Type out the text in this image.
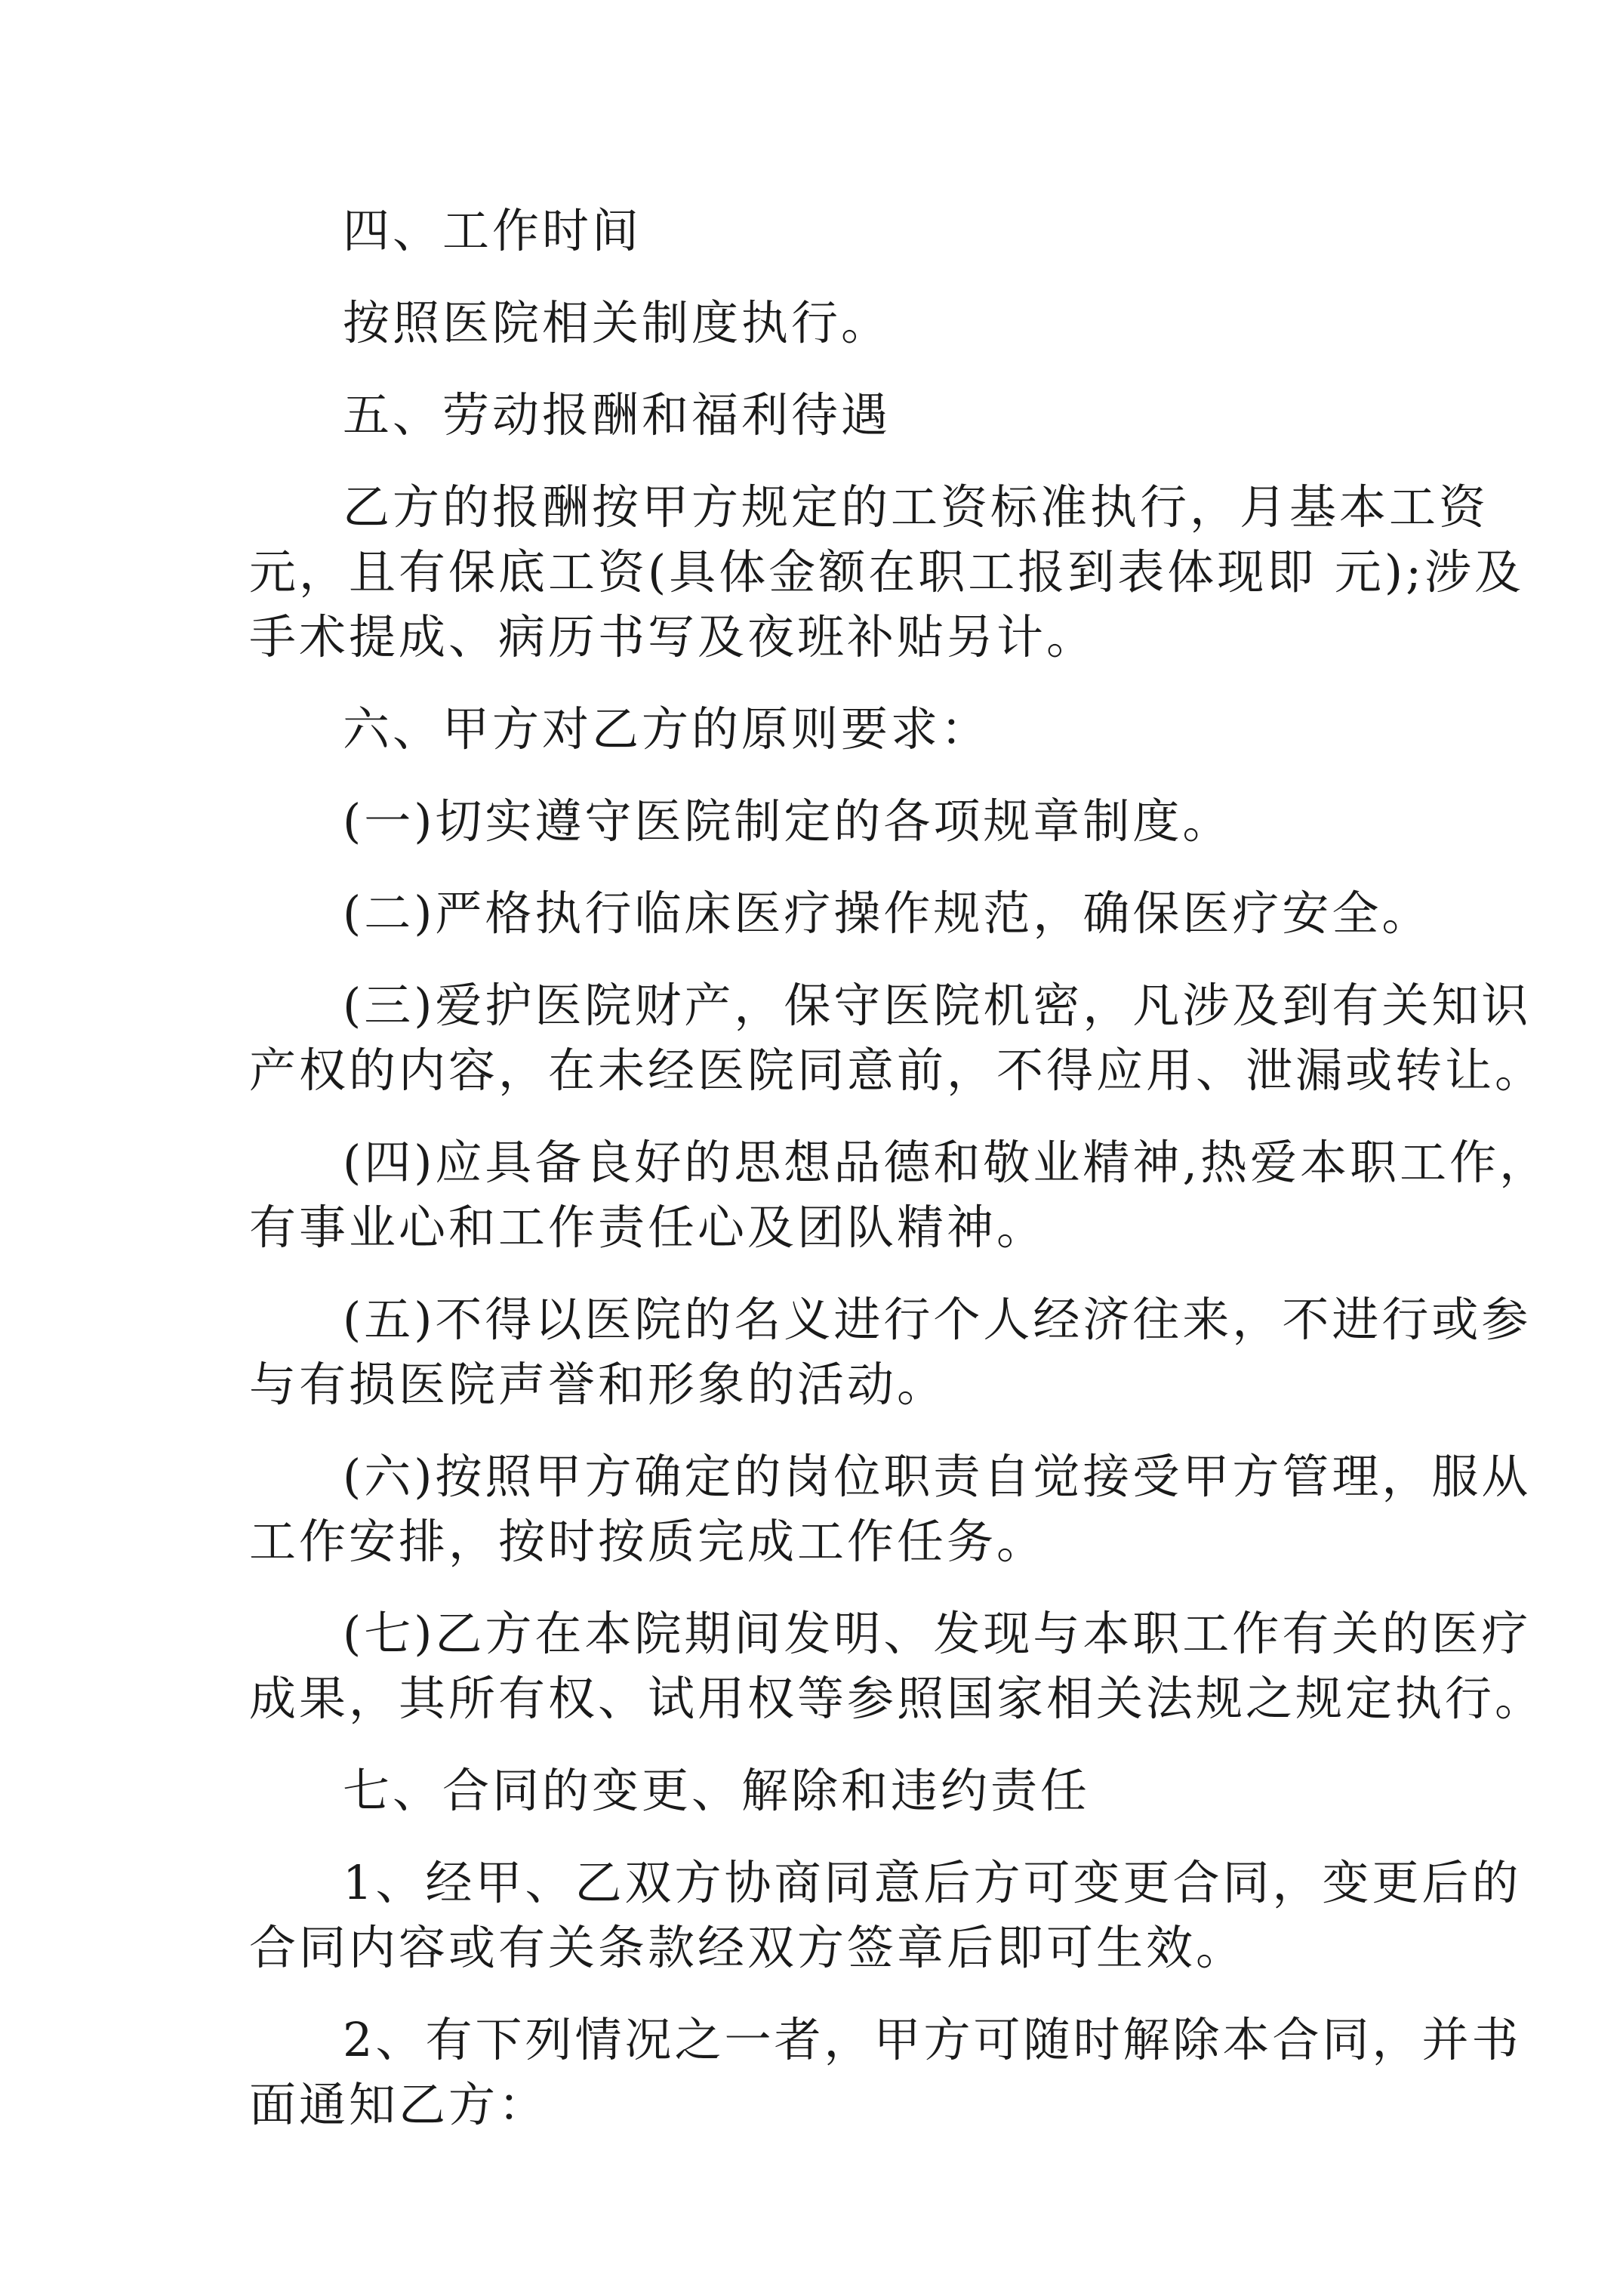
四、工作时间

按照医院相关制度执行。

五、劳动报酬和福利待遇

乙方的报酬按甲方规定的工资标准执行，月基本工资
元，且有保底工资(具体金额在职工报到表体现即 元);涉及
手术提成、病历书写及夜班补贴另计。

六、甲方对乙方的原则要求：

(一)切实遵守医院制定的各项规章制度。

(二)严格执行临床医疗操作规范，确保医疗安全。

(三)爱护医院财产，保守医院机密，凡涉及到有关知识
产权的内容，在未经医院同意前，不得应用、泄漏或转让。

(四)应具备良好的思想品德和敬业精神,热爱本职工作，
有事业心和工作责任心及团队精神。

(五)不得以医院的名义进行个人经济往来，不进行或参
与有损医院声誉和形象的活动。

(六)按照甲方确定的岗位职责自觉接受甲方管理，服从
工作安排，按时按质完成工作任务。

(七)乙方在本院期间发明、发现与本职工作有关的医疗
成果，其所有权、试用权等参照国家相关法规之规定执行。

七、合同的变更、解除和违约责任

1、经甲、乙双方协商同意后方可变更合同，变更后的
合同内容或有关条款经双方签章后即可生效。

2、有下列情况之一者，甲方可随时解除本合同，并书
面通知乙方：
